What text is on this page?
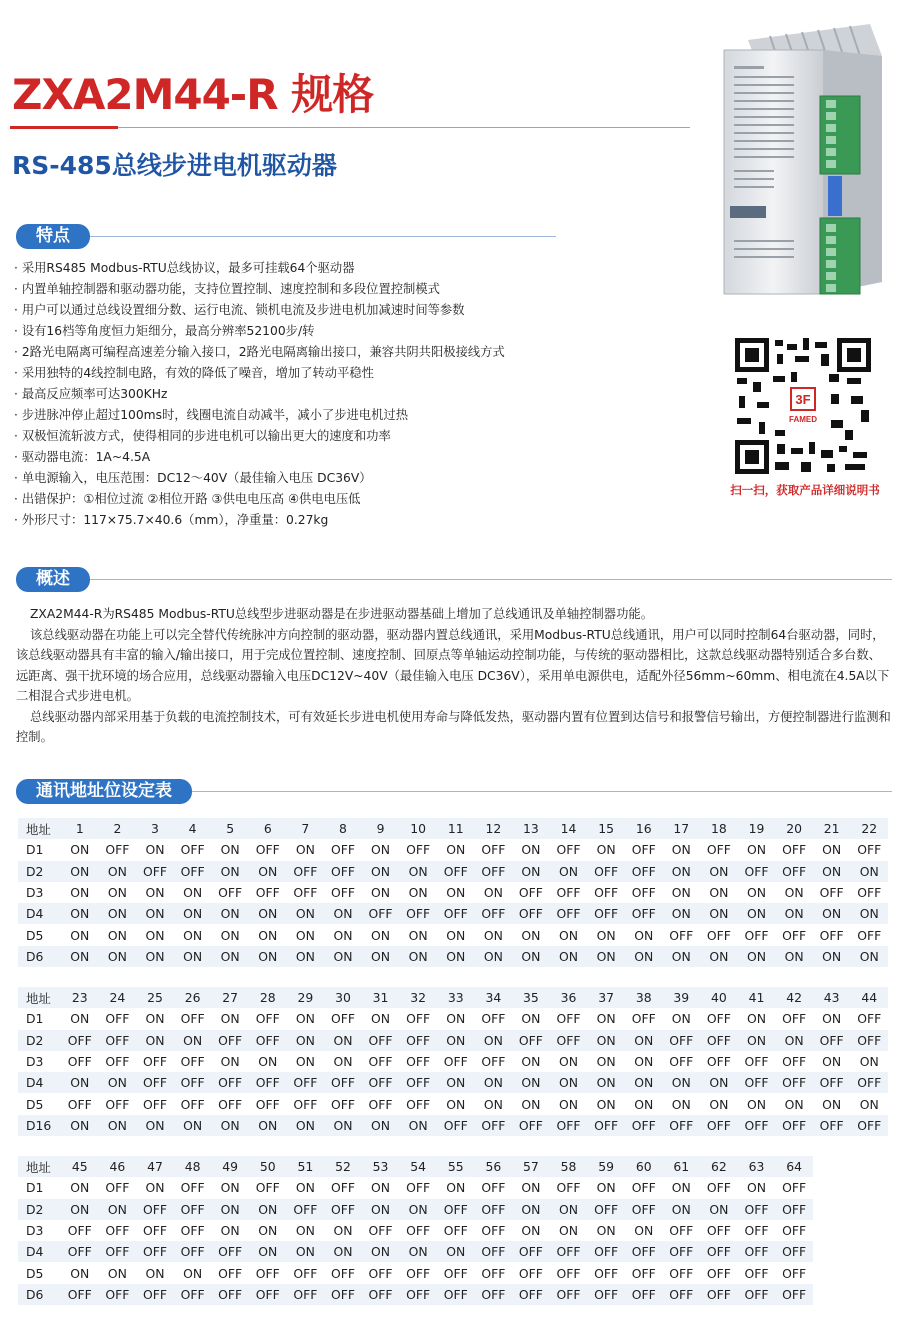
ZXA2M44-R 规格
RS-485总线步进电机驱动器
3F
FAMED
扫一扫，获取产品详细说明书
特点
· 采用RS485 Modbus-RTU总线协议，最多可挂载64个驱动器
· 内置单轴控制器和驱动器功能，支持位置控制、速度控制和多段位置控制模式
· 用户可以通过总线设置细分数、运行电流、锁机电流及步进电机加减速时间等参数
· 设有16档等角度恒力矩细分，最高分辨率52100步/转
· 2路光电隔离可编程高速差分输入接口，2路光电隔离输出接口，兼容共阴共阳极接线方式
· 采用独特的4线控制电路，有效的降低了噪音，增加了转动平稳性
· 最高反应频率可达300KHz
· 步进脉冲停止超过100ms时，线圈电流自动减半，减小了步进电机过热
· 双极恒流斩波方式，使得相同的步进电机可以输出更大的速度和功率
· 驱动器电流：1A~4.5A
· 单电源输入，电压范围：DC12～40V（最佳输入电压 DC36V）
· 出错保护：①相位过流 ②相位开路 ③供电电压高 ④供电电压低
· 外形尺寸：117×75.7×40.6（mm），净重量：0.27kg
概述

ZXA2M44-R为RS485 Modbus-RTU总线型步进驱动器是在步进驱动器基础上增加了总线通讯及单轴控制器功能。

该总线驱动器在功能上可以完全替代传统脉冲方向控制的驱动器，驱动器内置总线通讯，采用Modbus-RTU总线通讯，用户可以同时控制64台驱动器，同时，该总线驱动器具有丰富的输入/输出接口，用于完成位置控制、速度控制、回原点等单轴运动控制功能，与传统的驱动器相比，这款总线驱动器特别适合多台数、远距离、强干扰环境的场合应用，总线驱动器输入电压DC12V~40V（最佳输入电压 DC36V），采用单电源供电，适配外径56mm~60mm、相电流在4.5A以下二相混合式步进电机。

总线驱动器内部采用基于负载的电流控制技术，可有效延长步进电机使用寿命与降低发热，驱动器内置有位置到达信号和报警信号输出，方便控制器进行监测和控制。

通讯地址位设定表
地址	1	2	3	4	5	6	7	8	9	10	11	12	13	14	15	16	17	18	19	20	21	22
D1	ON	OFF	ON	OFF	ON	OFF	ON	OFF	ON	OFF	ON	OFF	ON	OFF	ON	OFF	ON	OFF	ON	OFF	ON	OFF
D2	ON	ON	OFF	OFF	ON	ON	OFF	OFF	ON	ON	OFF	OFF	ON	ON	OFF	OFF	ON	ON	OFF	OFF	ON	ON
D3	ON	ON	ON	ON	OFF	OFF	OFF	OFF	ON	ON	ON	ON	OFF	OFF	OFF	OFF	ON	ON	ON	ON	OFF	OFF
D4	ON	ON	ON	ON	ON	ON	ON	ON	OFF	OFF	OFF	OFF	OFF	OFF	OFF	OFF	ON	ON	ON	ON	ON	ON
D5	ON	ON	ON	ON	ON	ON	ON	ON	ON	ON	ON	ON	ON	ON	ON	ON	OFF	OFF	OFF	OFF	OFF	OFF
D6	ON	ON	ON	ON	ON	ON	ON	ON	ON	ON	ON	ON	ON	ON	ON	ON	ON	ON	ON	ON	ON	ON
地址	23	24	25	26	27	28	29	30	31	32	33	34	35	36	37	38	39	40	41	42	43	44
D1	ON	OFF	ON	OFF	ON	OFF	ON	OFF	ON	OFF	ON	OFF	ON	OFF	ON	OFF	ON	OFF	ON	OFF	ON	OFF
D2	OFF	OFF	ON	ON	OFF	OFF	ON	ON	OFF	OFF	ON	ON	OFF	OFF	ON	ON	OFF	OFF	ON	ON	OFF	OFF
D3	OFF	OFF	OFF	OFF	ON	ON	ON	ON	OFF	OFF	OFF	OFF	ON	ON	ON	ON	OFF	OFF	OFF	OFF	ON	ON
D4	ON	ON	OFF	OFF	OFF	OFF	OFF	OFF	OFF	OFF	ON	ON	ON	ON	ON	ON	ON	ON	OFF	OFF	OFF	OFF
D5	OFF	OFF	OFF	OFF	OFF	OFF	OFF	OFF	OFF	OFF	ON	ON	ON	ON	ON	ON	ON	ON	ON	ON	ON	ON
D16	ON	ON	ON	ON	ON	ON	ON	ON	ON	ON	OFF	OFF	OFF	OFF	OFF	OFF	OFF	OFF	OFF	OFF	OFF	OFF
地址	45	46	47	48	49	50	51	52	53	54	55	56	57	58	59	60	61	62	63	64
D1	ON	OFF	ON	OFF	ON	OFF	ON	OFF	ON	OFF	ON	OFF	ON	OFF	ON	OFF	ON	OFF	ON	OFF
D2	ON	ON	OFF	OFF	ON	ON	OFF	OFF	ON	ON	OFF	OFF	ON	ON	OFF	OFF	ON	ON	OFF	OFF
D3	OFF	OFF	OFF	OFF	ON	ON	ON	ON	OFF	OFF	OFF	OFF	ON	ON	ON	ON	OFF	OFF	OFF	OFF
D4	OFF	OFF	OFF	OFF	OFF	ON	ON	ON	ON	ON	ON	OFF	OFF	OFF	OFF	OFF	OFF	OFF	OFF	OFF
D5	ON	ON	ON	ON	OFF	OFF	OFF	OFF	OFF	OFF	OFF	OFF	OFF	OFF	OFF	OFF	OFF	OFF	OFF	OFF
D6	OFF	OFF	OFF	OFF	OFF	OFF	OFF	OFF	OFF	OFF	OFF	OFF	OFF	OFF	OFF	OFF	OFF	OFF	OFF	OFF
